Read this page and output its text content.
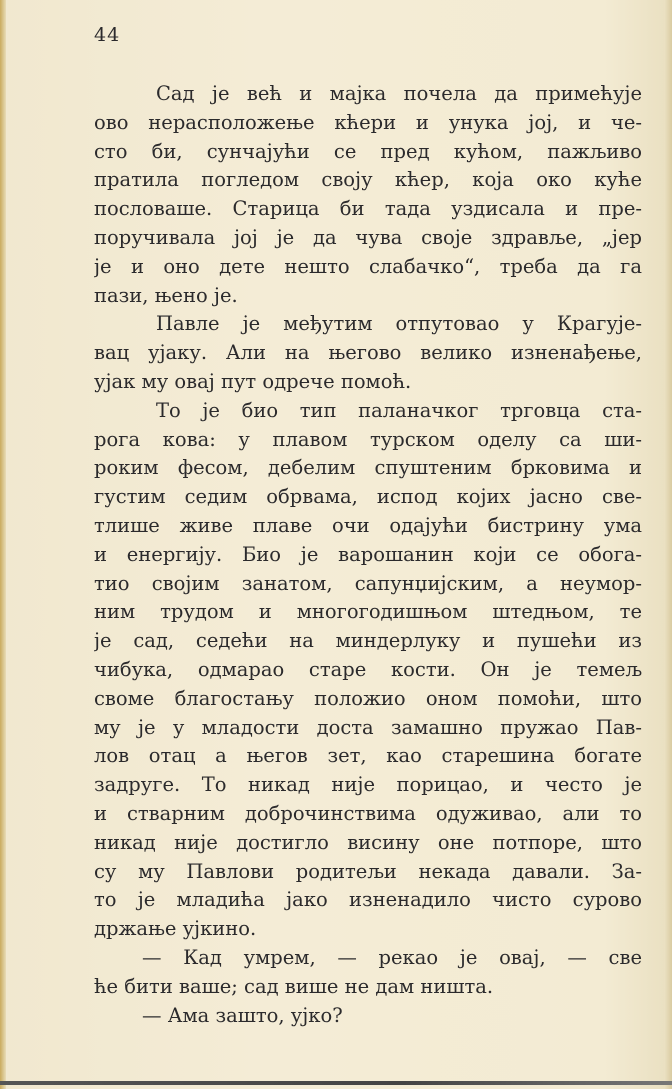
44
Сад је већ и мајка почела да примећује
ово нерасположење кћери и унука јој, и че-
сто би, сунчајући се пред кућом, пажљиво
пратила погледом своју кћер, која око куће
пословаше. Старица би тада уздисала и пре-
поручивала јој је да чува своје здравље, „јер
је и оно дете нешто слабачко“, треба да га
пази, њено је.
Павле је међутим отпутовао у Крагује-
вац ујаку. Али на његово велико изненађење,
ујак му овај пут одрече помоћ.
То је био тип паланачког трговца ста-
рога кова: у плавом турском оделу са ши-
роким фесом, дебелим спуштеним брковима и
густим седим обрвама, испод којих јасно све-
тлише живе плаве очи одајући бистрину ума
и енергију. Био је варошанин који се обога-
тио својим занатом, сапунџијским, а неумор-
ним трудом и многогодишњом штедњом, те
је сад, седећи на миндерлуку и пушећи из
чибука, одмарао старе кости. Он је темељ
своме благостању положио оном помоћи, што
му је у младости доста замашно пружао Пав-
лов отац а његов зет, као старешина богате
задруге. То никад није порицао, и често је
и стварним доброчинствима одуживао, али то
никад није достигло висину оне потпоре, што
су му Павлови родитељи некада давали. За-
то је младића јако изненадило чисто сурово
држање ујкино.
— Кад умрем, — рекао је овај, — све
ће бити ваше; сад више не дам ништа.
— Ама зашто, ујко?
